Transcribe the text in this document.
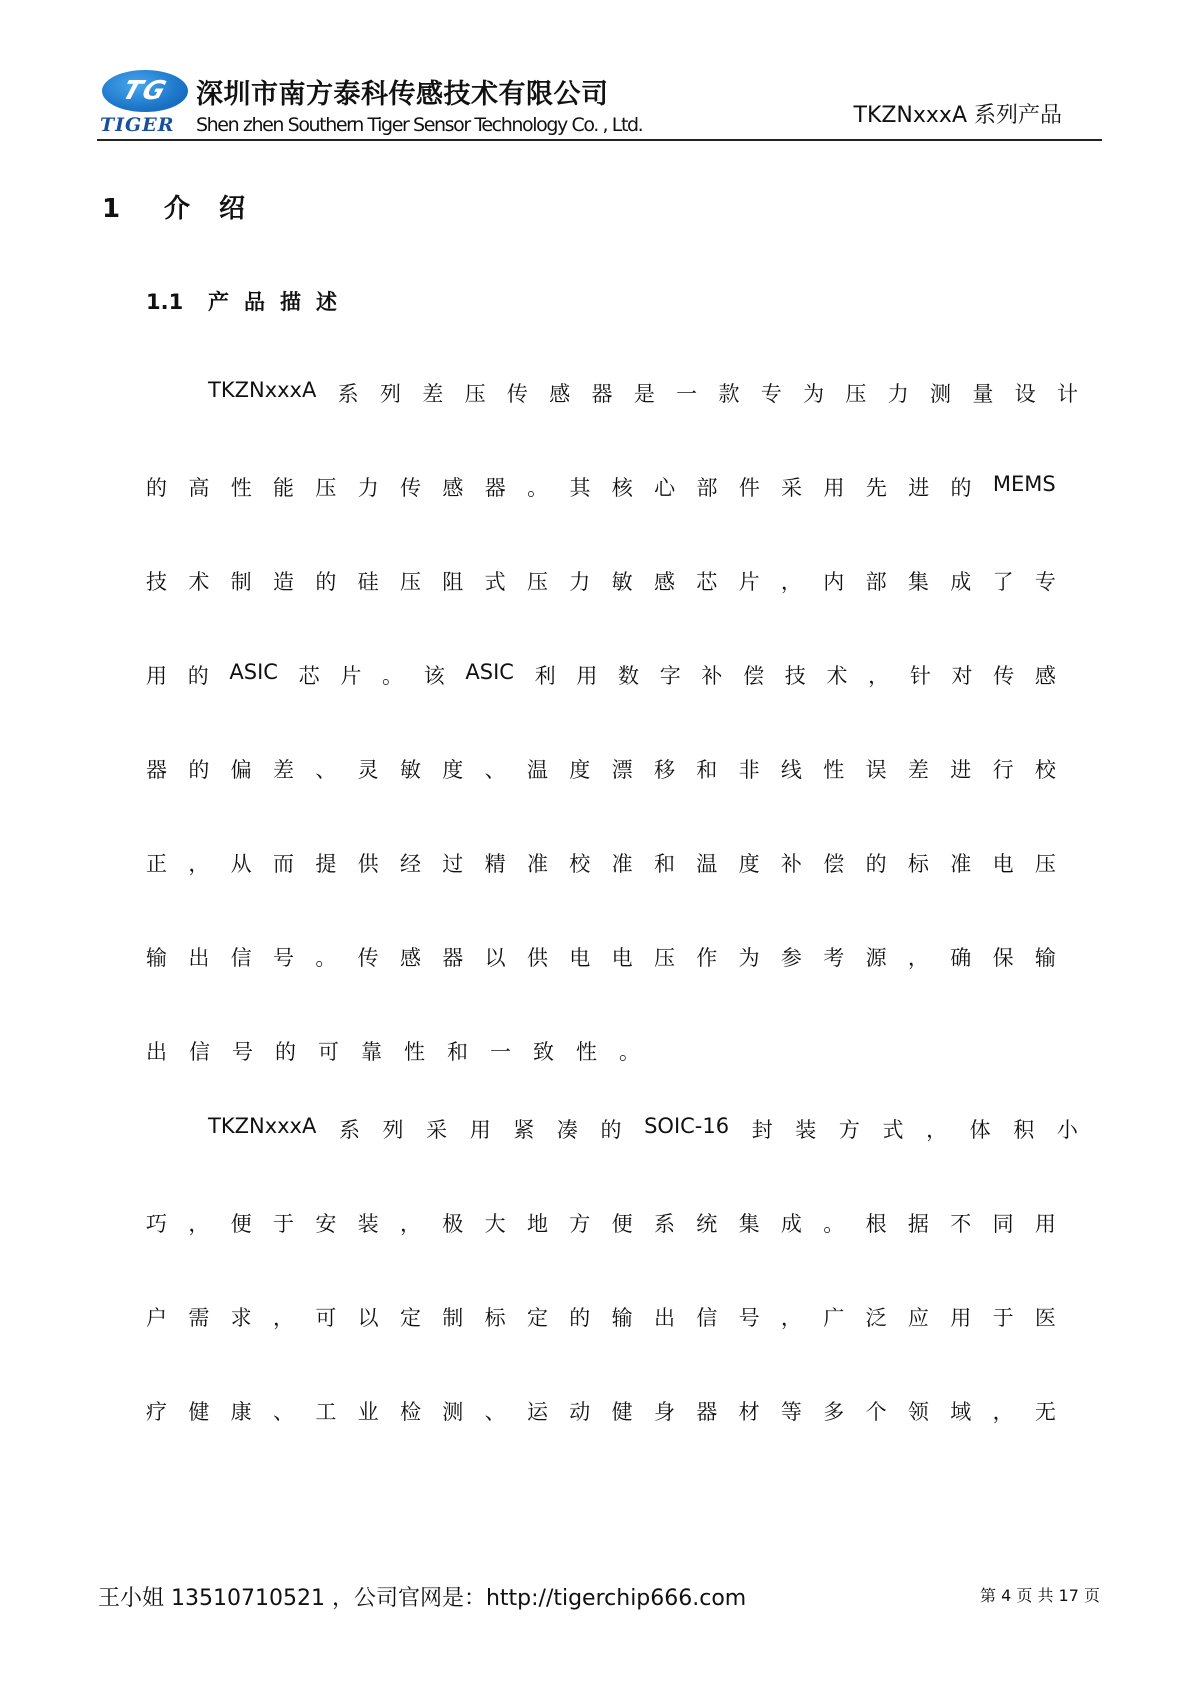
TG
TIGER
深圳市南方泰科传感技术有限公司
Shen zhen Southern Tiger Sensor Technology Co. , Ltd.	TKZNxxxA 系列产品
1 介 绍
1.1 产品描述
TKZNxxxA 系 列 差 压 传 感 器 是 一 款 专 为 压 力 测 量 设 计
的 高 性 能 压 力 传 感 器 。 其 核 心 部 件 采 用 先 进 的 MEMS
技 术 制 造 的 硅 压 阻 式 压 力 敏 感 芯 片 ， 内 部 集 成 了 专
用 的 ASIC 芯 片 。 该 ASIC 利 用 数 字 补 偿 技 术 ， 针 对 传 感
器 的 偏 差 、 灵 敏 度 、 温 度 漂 移 和 非 线 性 误 差 进 行 校
正 ， 从 而 提 供 经 过 精 准 校 准 和 温 度 补 偿 的 标 准 电 压
输 出 信 号 。 传 感 器 以 供 电 电 压 作 为 参 考 源 ， 确 保 输
出 信 号 的 可 靠 性 和 一 致 性 。
TKZNxxxA 系 列 采 用 紧 凑 的 SOIC-16 封 装 方 式 ， 体 积 小
巧 ， 便 于 安 装 ， 极 大 地 方 便 系 统 集 成 。 根 据 不 同 用
户 需 求 ， 可 以 定 制 标 定 的 输 出 信 号 ， 广 泛 应 用 于 医
疗 健 康 、 工 业 检 测 、 运 动 健 身 器 材 等 多 个 领 域 ， 无
王小姐 13510710521 ，公司官网是：http://tigerchip666.com	第 4 页 共 17 页
